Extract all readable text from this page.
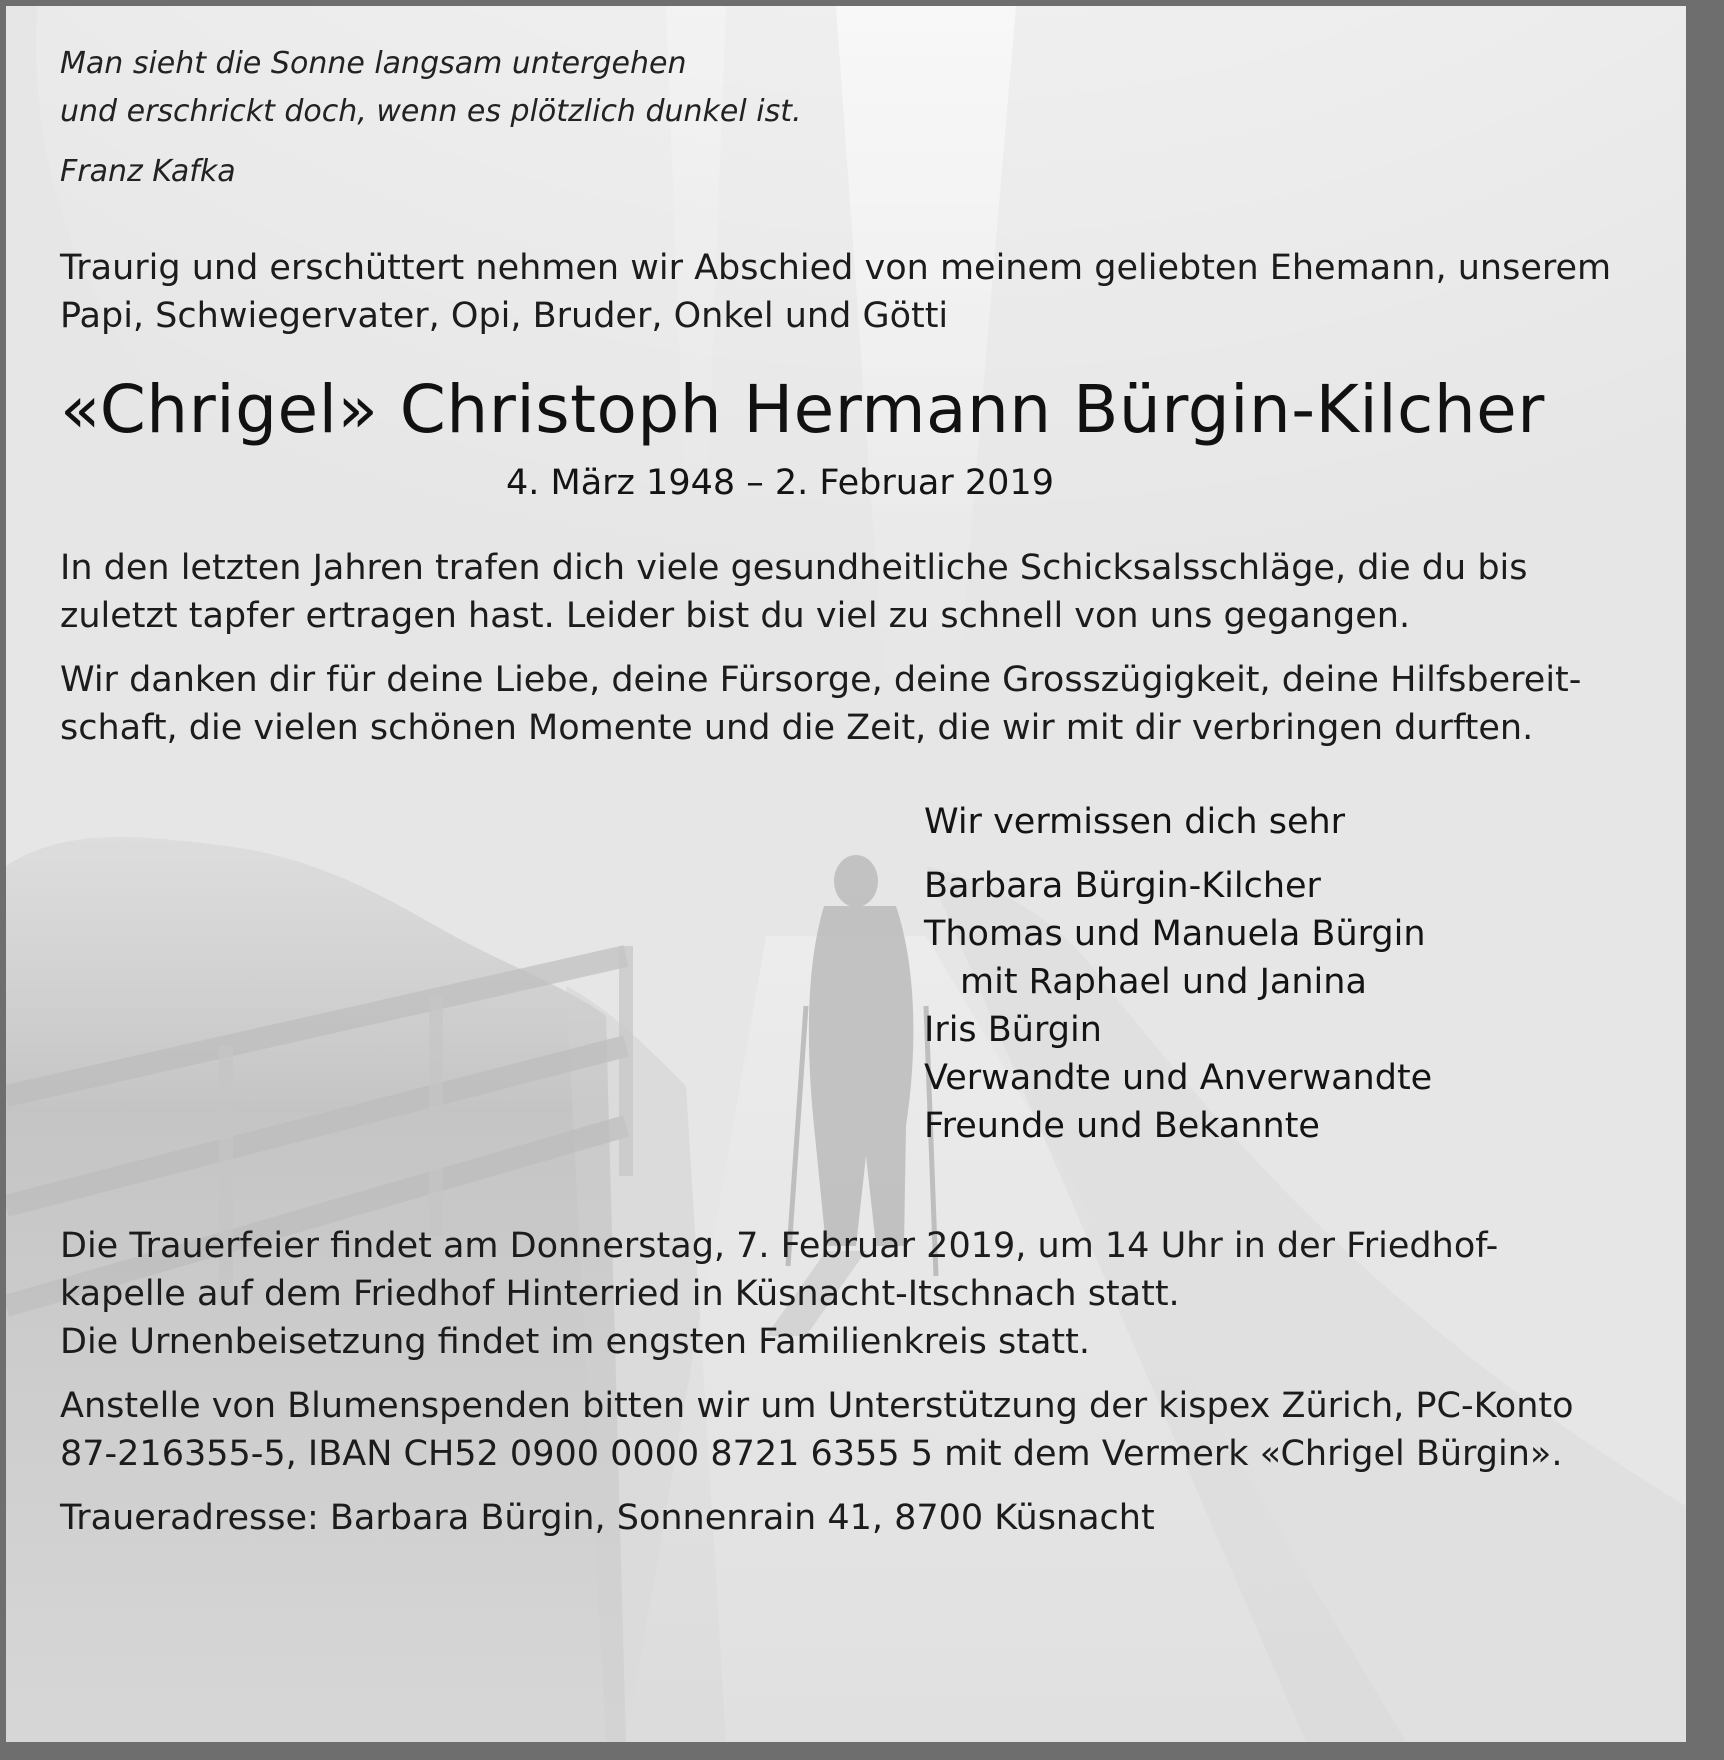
Man sieht die Sonne langsam untergehen

und erschrickt doch, wenn es plötzlich dunkel ist.

Franz Kafka

Traurig und erschüttert nehmen wir Abschied von meinem geliebten Ehemann, unserem

Papi, Schwiegervater, Opi, Bruder, Onkel und Götti

«Chrigel» Christoph Hermann Bürgin-Kilcher

4. März 1948 – 2. Februar 2019

In den letzten Jahren trafen dich viele gesundheitliche Schicksalsschläge, die du bis

zuletzt tapfer ertragen hast. Leider bist du viel zu schnell von uns gegangen.

Wir danken dir für deine Liebe, deine Fürsorge, deine Grosszügigkeit, deine Hilfsbereit-

schaft, die vielen schönen Momente und die Zeit, die wir mit dir verbringen durften.

Wir vermissen dich sehr

Barbara Bürgin-Kilcher

Thomas und Manuela Bürgin

mit Raphael und Janina

Iris Bürgin

Verwandte und Anverwandte

Freunde und Bekannte

Die Trauerfeier findet am Donnerstag, 7. Februar 2019, um 14 Uhr in der Friedhof-

kapelle auf dem Friedhof Hinterried in Küsnacht-Itschnach statt.

Die Urnenbeisetzung findet im engsten Familienkreis statt.

Anstelle von Blumenspenden bitten wir um Unterstützung der kispex Zürich, PC-Konto

87-216355-5, IBAN CH52 0900 0000 8721 6355 5 mit dem Vermerk «Chrigel Bürgin».

Traueradresse: Barbara Bürgin, Sonnenrain 41, 8700 Küsnacht
